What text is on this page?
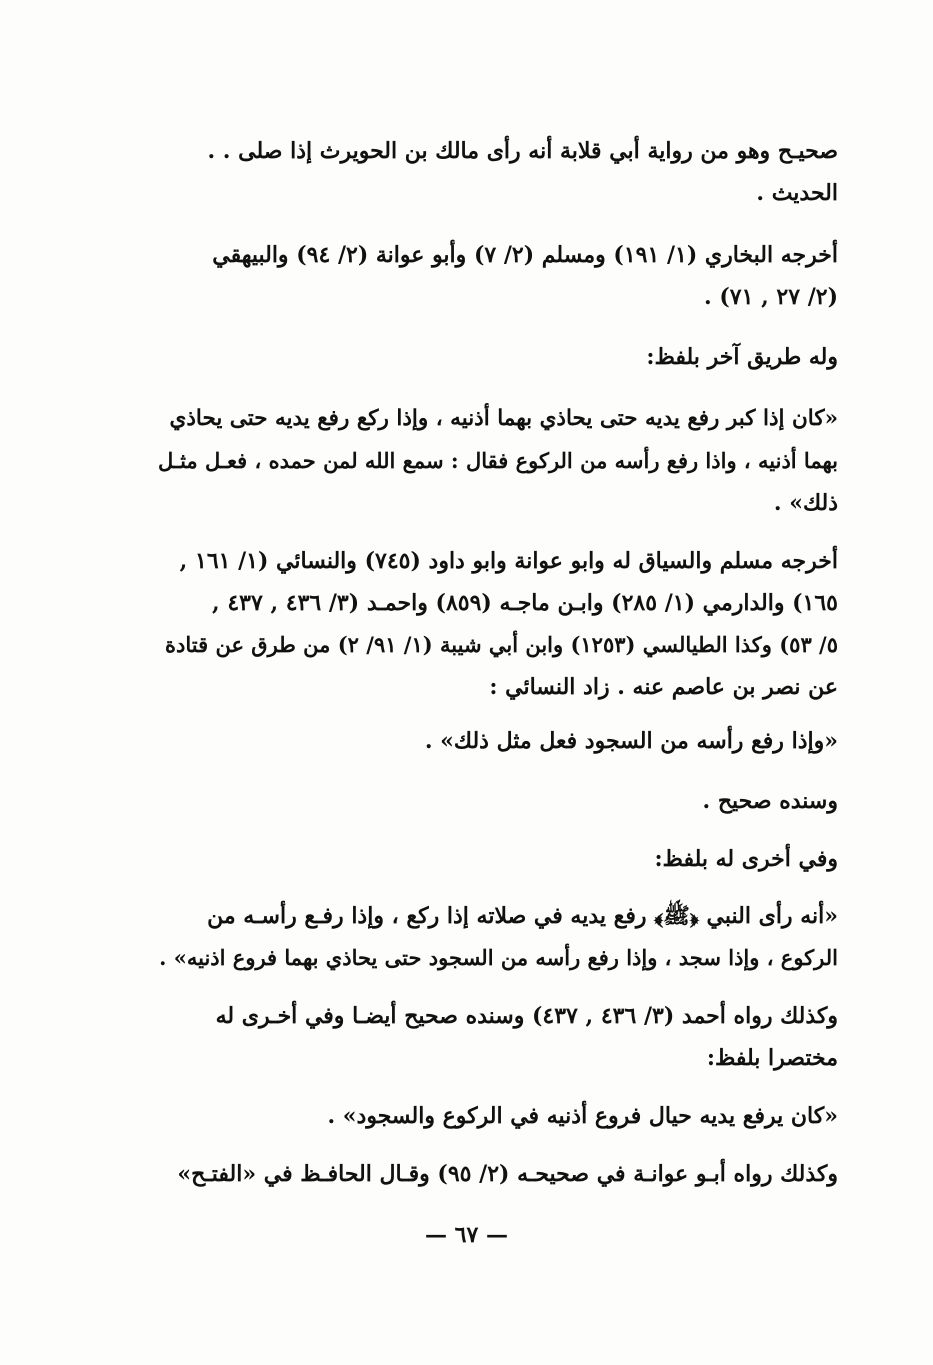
صحيـح وهو من رواية أبي قلابة أنه رأى مالك بن الحويرث إذا صلى . .
الحديث .

أخرجه البخاري (١/ ١٩١) ومسلم (٢/ ٧) وأبو عوانة (٢/ ٩٤) والبيهقي
(٢/ ٢٧ , ٧١) .

وله طريق آخر بلفظ:

«كان إذا كبر رفع يديه حتى يحاذي بهما أذنيه ، وإذا ركع رفع يديه حتى يحاذي
بهما أذنيه ، واذا رفع رأسه من الركوع فقال : سمع الله لمن حمده ، فعـل مثـل
ذلك» .

أخرجه مسلم والسياق له وابو عوانة وابو داود (٧٤٥) والنسائي (١/ ١٦١ ,
١٦٥) والدارمي (١/ ٢٨٥) وابـن ماجـه (٨٥٩) واحمـد (٣/ ٤٣٦ , ٤٣٧ ,
٥/ ٥٣) وكذا الطيالسي (١٢٥٣) وابن أبي شيبة (١/ ٩١/ ٢) من طرق عن قتادة
عن نصر بن عاصم عنه . زاد النسائي :

«وإذا رفع رأسه من السجود فعل مثل ذلك» .

وسنده صحيح .

وفي أخرى له بلفظ:

«أنه رأى النبي ﴿ﷺ﴾ رفع يديه في صلاته إذا ركع ، وإذا رفـع رأسـه من
الركوع ، وإذا سجد ، وإذا رفع رأسه من السجود حتى يحاذي بهما فروع اذنيه» .

وكذلك رواه أحمد (٣/ ٤٣٦ , ٤٣٧) وسنده صحيح أيضـا وفي أخـرى له
مختصرا بلفظ:

«كان يرفع يديه حيال فروع أذنيه في الركوع والسجود» .

وكذلك رواه أبـو عوانـة في صحيحـه (٢/ ٩٥) وقـال الحافـظ في «الفتـح»

— ٦٧ —
